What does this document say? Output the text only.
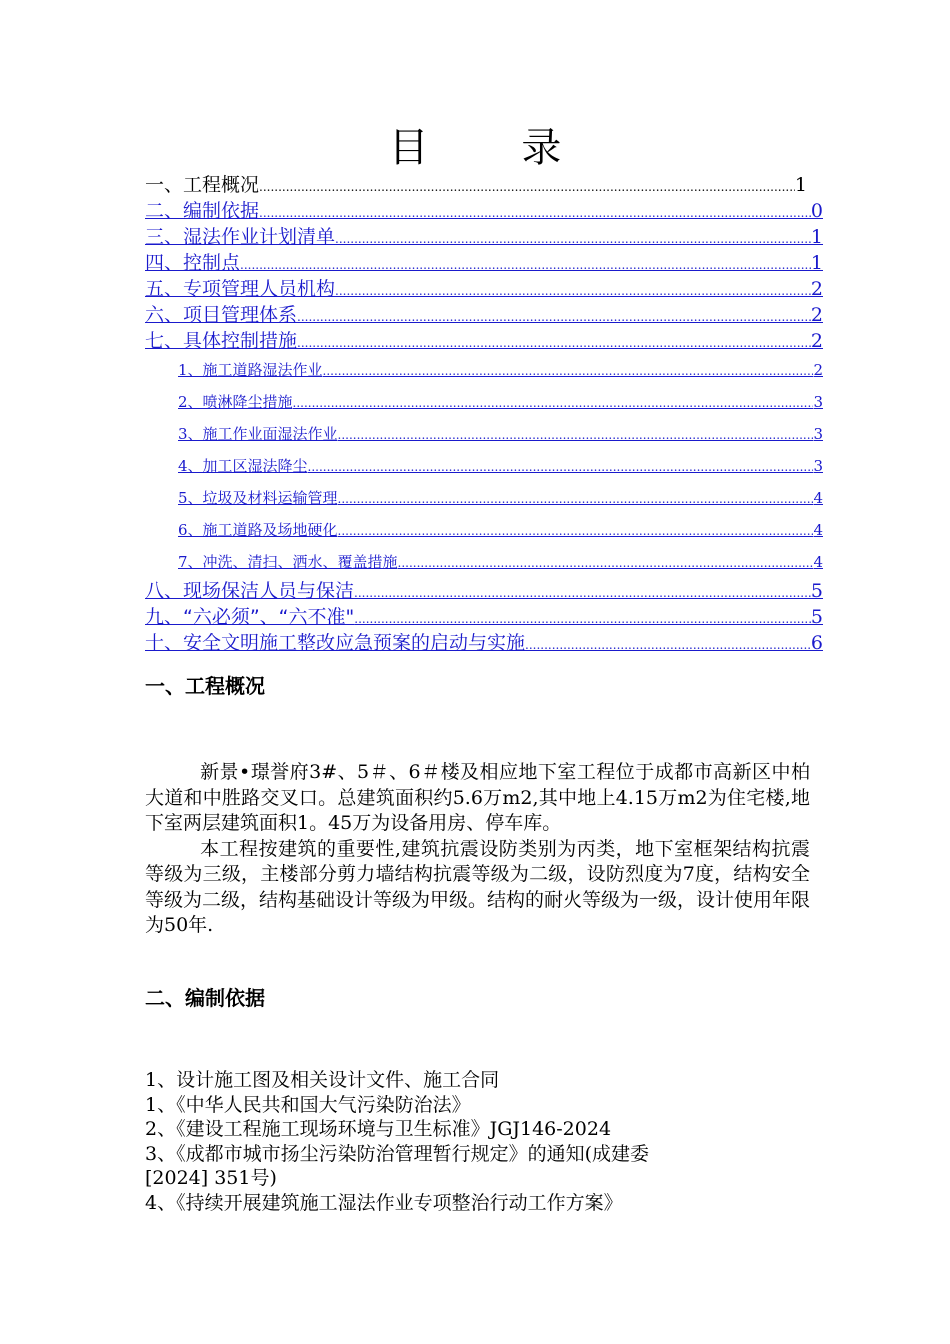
目 录
一、工程概况 .....	1
二、编制依据 .....	0
三、湿法作业计划清单 .....	1
四、控制点 .....	1
五、专项管理人员机构 .....	2
六、项目管理体系 .....	2
七、具体控制措施 .....	2
1、施工道路湿法作业 .....	2
2、喷淋降尘措施 .....	3
3、施工作业面湿法作业 .....	3
4、加工区湿法降尘 .....	3
5、垃圾及材料运输管理 .....	4
6、施工道路及场地硬化 .....	4
7、冲洗、清扫、洒水、覆盖措施 .....	4
八、现场保洁人员与保洁 .....	5
九、“六必须”、“六不准" .....	5
十、安全文明施工整改应急预案的启动与实施 .....	6
一、工程概况

新景•璟誉府3#、5＃、6＃楼及相应地下室工程位于成都市高新区中柏大道和中胜路交叉口。总建筑面积约5.6万m2,其中地上4.15万m2为住宅楼,地下室两层建筑面积1。45万为设备用房、停车库。

本工程按建筑的重要性,建筑抗震设防类别为丙类，地下室框架结构抗震等级为三级，主楼部分剪力墙结构抗震等级为二级，设防烈度为7度，结构安全等级为二级，结构基础设计等级为甲级。结构的耐火等级为一级，设计使用年限为50年.

二、编制依据
1、设计施工图及相关设计文件、施工合同
1、《中华人民共和国大气污染防治法》
2、《建设工程施工现场环境与卫生标准》JGJ146-2024
3、《成都市城市扬尘污染防治管理暂行规定》的通知(成建委
[2024] 351号)
4、《持续开展建筑施工湿法作业专项整治行动工作方案》
